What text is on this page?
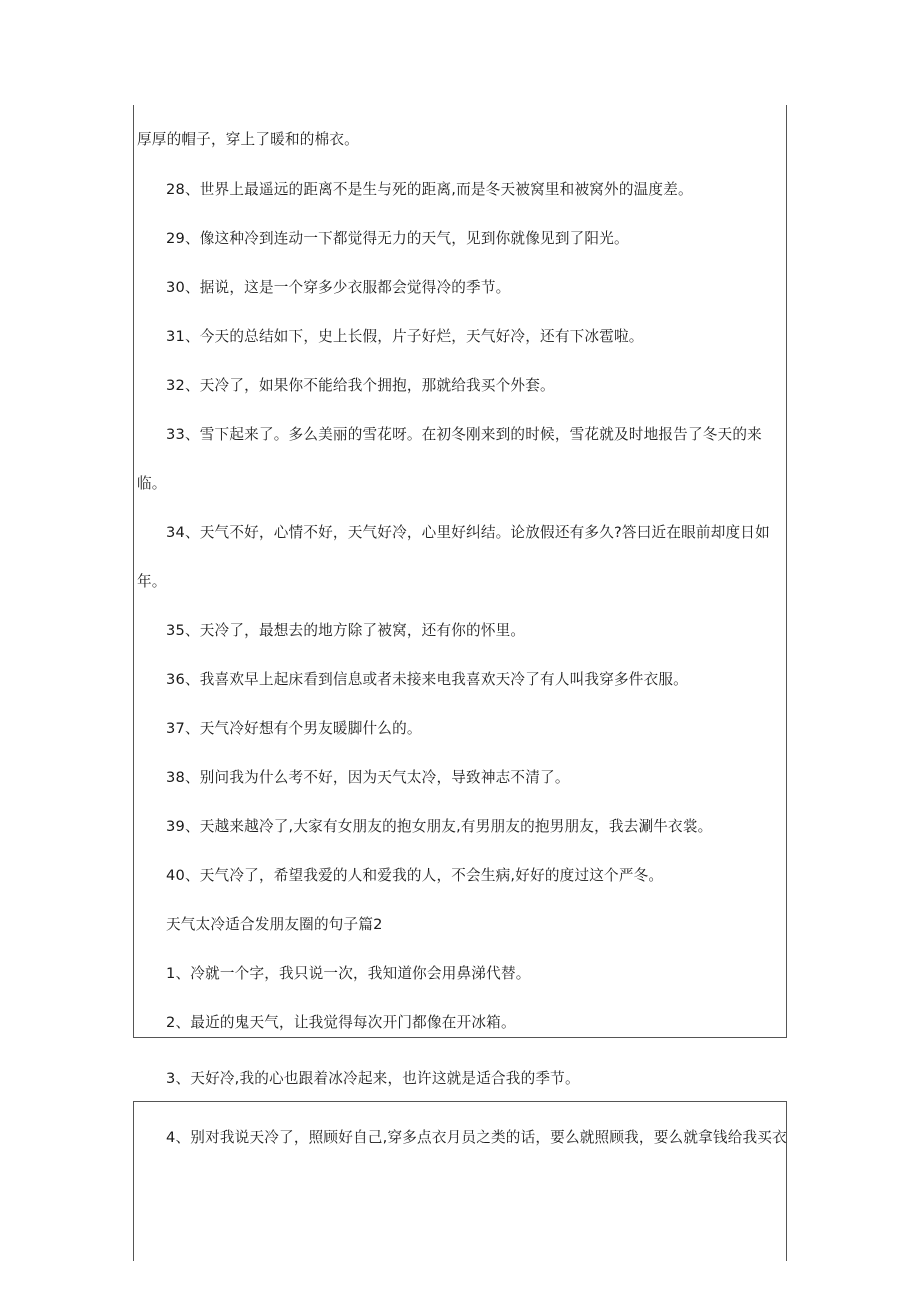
厚厚的帽子，穿上了暖和的棉衣。

28、世界上最遥远的距离不是生与死的距离,而是冬天被窝里和被窝外的温度差。

29、像这种冷到连动一下都觉得无力的天气，见到你就像见到了阳光。

30、据说，这是一个穿多少衣服都会觉得冷的季节。

31、今天的总结如下，史上长假，片子好烂，天气好冷，还有下冰雹啦。

32、天冷了，如果你不能给我个拥抱，那就给我买个外套。

33、雪下起来了。多么美丽的雪花呀。在初冬刚来到的时候，雪花就及时地报告了冬天的来

临。

34、天气不好，心情不好，天气好冷，心里好纠结。论放假还有多久?答曰近在眼前却度日如

年。

35、天冷了，最想去的地方除了被窝，还有你的怀里。

36、我喜欢早上起床看到信息或者未接来电我喜欢天冷了有人叫我穿多件衣服。

37、天气冷好想有个男友暖脚什么的。

38、别问我为什么考不好，因为天气太冷，导致神志不清了。

39、天越来越冷了,大家有女朋友的抱女朋友,有男朋友的抱男朋友，我去涮牛衣裳。

40、天气冷了，希望我爱的人和爱我的人，不会生病,好好的度过这个严冬。

天气太冷适合发朋友圈的句子篇2

1、冷就一个字，我只说一次，我知道你会用鼻涕代替。

2、最近的鬼天气，让我觉得每次开门都像在开冰箱。

3、天好冷,我的心也跟着冰冷起来，也许这就是适合我的季节。

4、别对我说天冷了，照顾好自己,穿多点衣月员之类的话，要么就照顾我，要么就拿钱给我买衣
